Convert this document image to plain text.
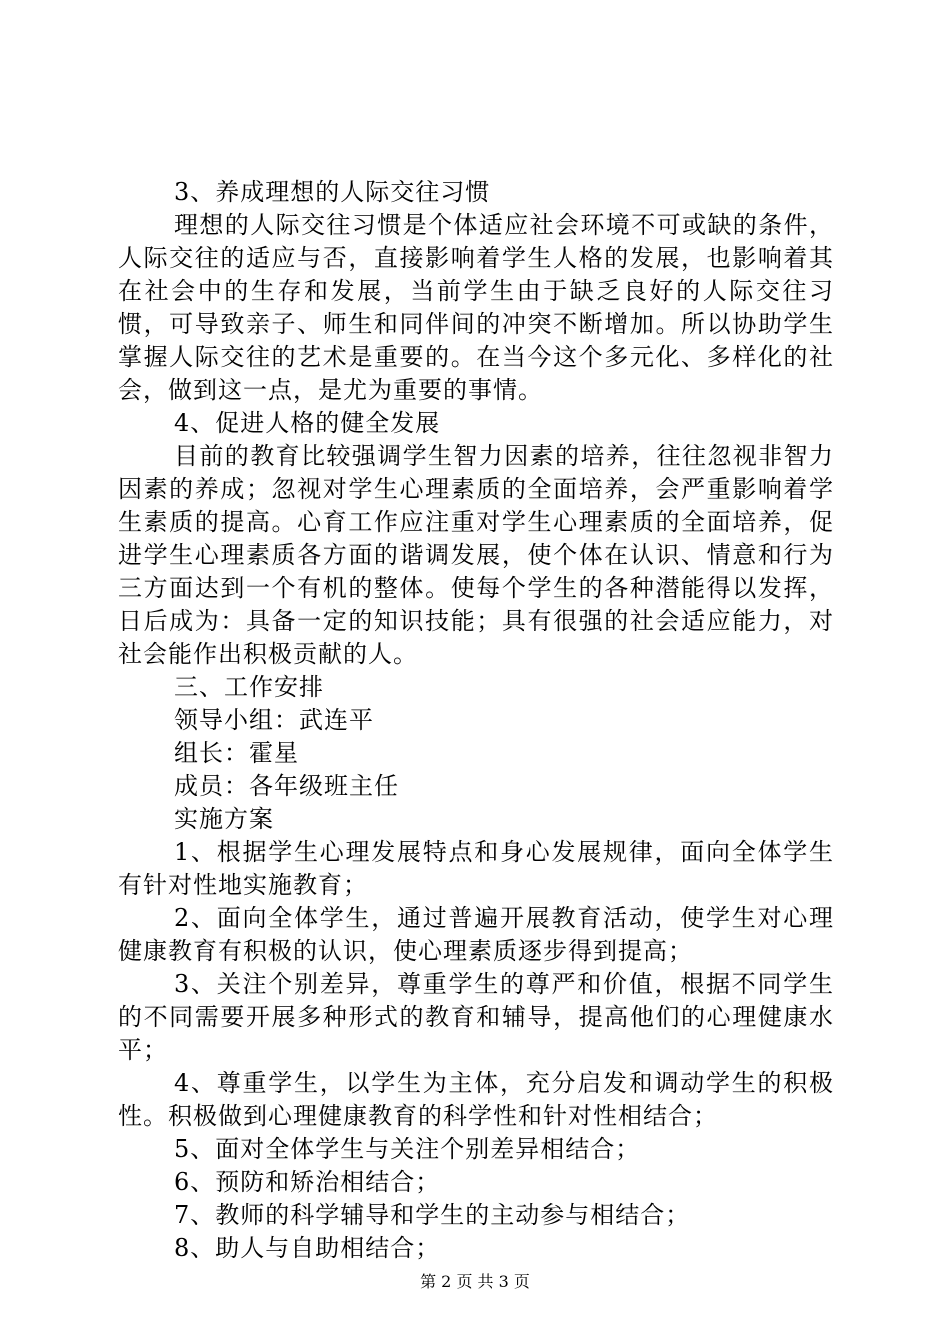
3、养成理想的人际交往习惯

理想的人际交往习惯是个体适应社会环境不可或缺的条件，人际交往的适应与否，直接影响着学生人格的发展，也影响着其在社会中的生存和发展，当前学生由于缺乏良好的人际交往习惯，可导致亲子、师生和同伴间的冲突不断增加。所以协助学生掌握人际交往的艺术是重要的。在当今这个多元化、多样化的社会，做到这一点，是尤为重要的事情。

4、促进人格的健全发展

目前的教育比较强调学生智力因素的培养，往往忽视非智力因素的养成；忽视对学生心理素质的全面培养，会严重影响着学生素质的提高。心育工作应注重对学生心理素质的全面培养，促进学生心理素质各方面的谐调发展，使个体在认识、情意和行为三方面达到一个有机的整体。使每个学生的各种潜能得以发挥，日后成为：具备一定的知识技能；具有很强的社会适应能力，对社会能作出积极贡献的人。

三、工作安排

领导小组：武连平

组长：霍星

成员：各年级班主任

实施方案

1、根据学生心理发展特点和身心发展规律，面向全体学生有针对性地实施教育；

2、面向全体学生，通过普遍开展教育活动，使学生对心理健康教育有积极的认识，使心理素质逐步得到提高；

3、关注个别差异，尊重学生的尊严和价值，根据不同学生的不同需要开展多种形式的教育和辅导，提高他们的心理健康水平；

4、尊重学生，以学生为主体，充分启发和调动学生的积极性。积极做到心理健康教育的科学性和针对性相结合；

5、面对全体学生与关注个别差异相结合；

6、预防和矫治相结合；

7、教师的科学辅导和学生的主动参与相结合；

8、助人与自助相结合；

第 2 页 共 3 页
